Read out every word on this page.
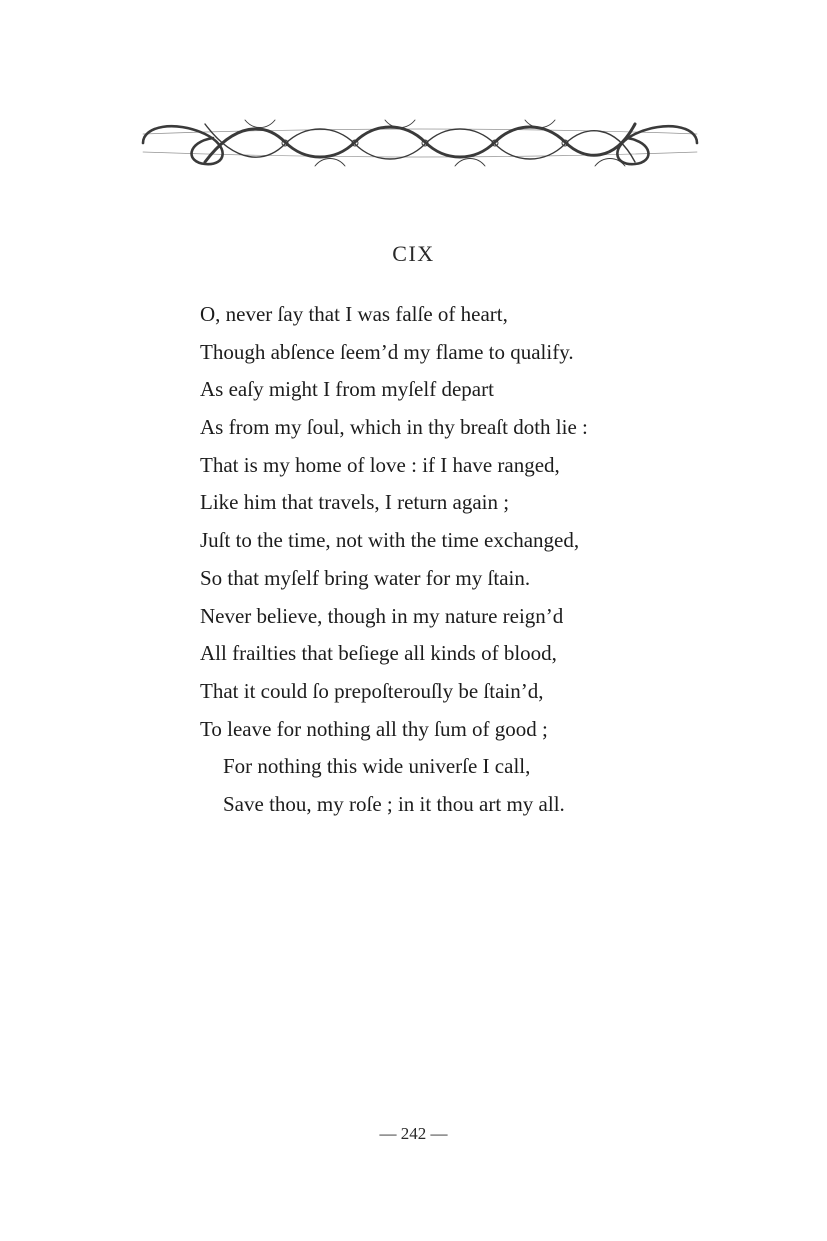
CIX
O, never ſay that I was falſe of heart,
Though abſence ſeem’d my flame to qualify.
As eaſy might I from myſelf depart
As from my ſoul, which in thy breaſt doth lie :
That is my home of love : if I have ranged,
Like him that travels, I return again ;
Juſt to the time, not with the time exchanged,
So that myſelf bring water for my ſtain.
Never believe, though in my nature reign’d
All frailties that beſiege all kinds of blood,
That it could ſo prepoſterouſly be ſtain’d,
To leave for nothing all thy ſum of good ;
For nothing this wide univerſe I call,
Save thou, my roſe ; in it thou art my all.
— 242 —
